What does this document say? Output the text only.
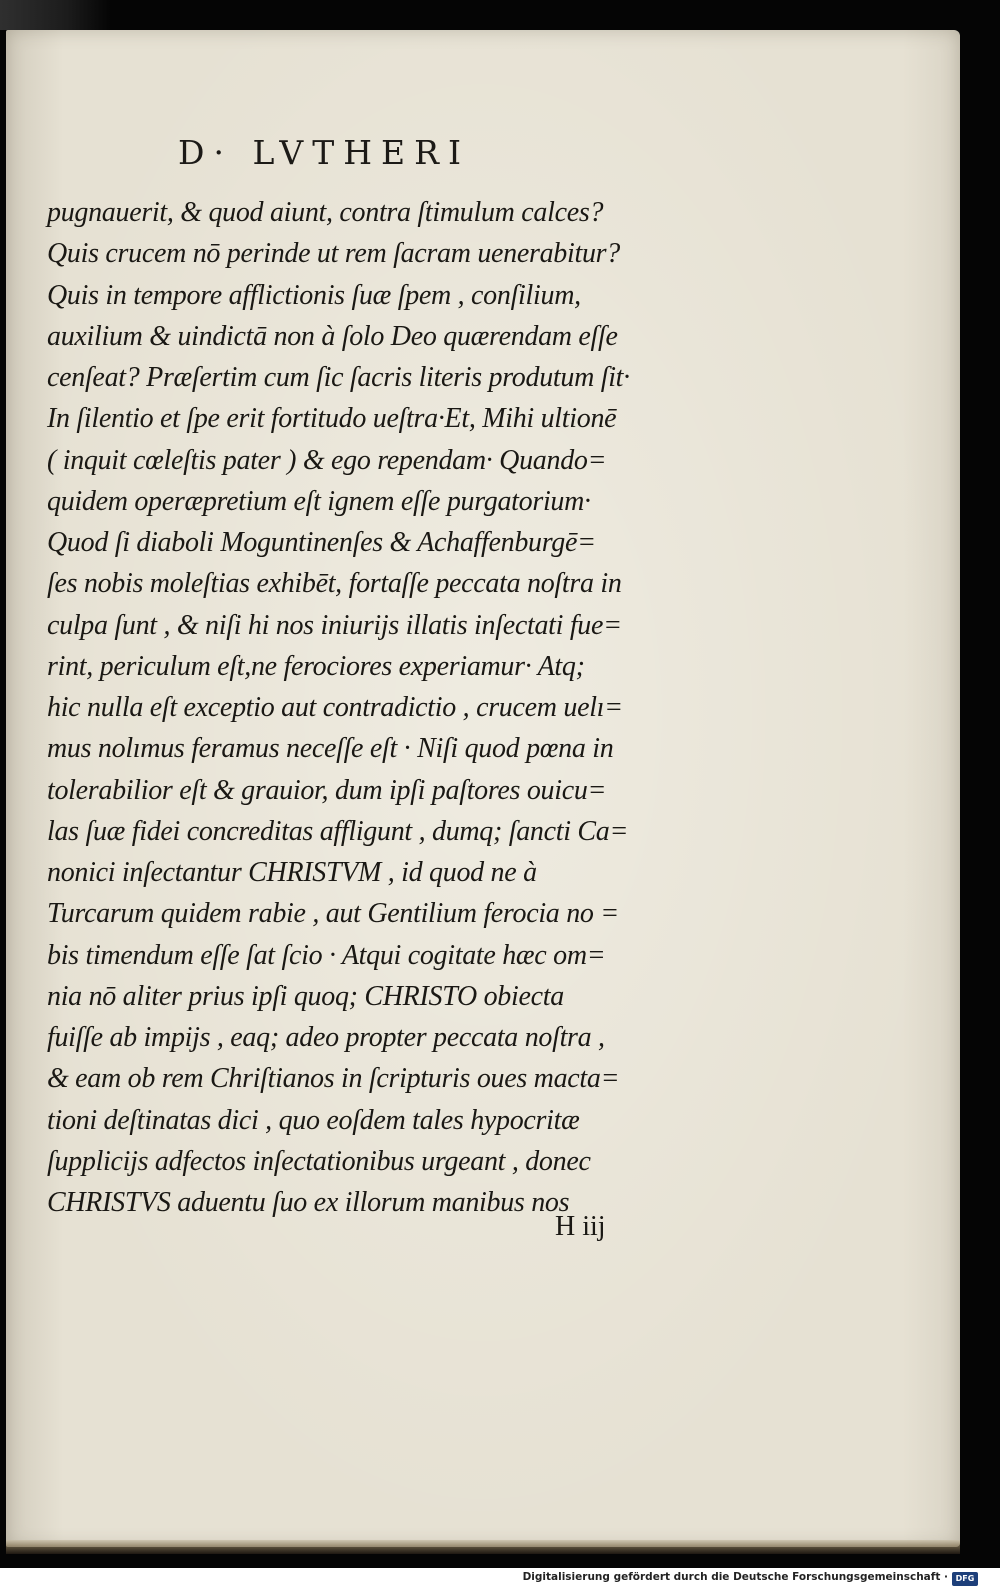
D· LVTHERI
pugnauerit, & quod aiunt, contra ſtimulum calces?
Quis crucem nō perinde ut rem ſacram uenerabitur?
Quis in tempore afflictionis ſuæ ſpem , conſilium,
auxilium & uindictā non à ſolo Deo quærendam eſſe
cenſeat? Præſertim cum ſic ſacris literis produtum ſit·
In ſilentio et ſpe erit fortitudo ueſtra·Et, Mihi ultionē
( inquit cœleſtis pater ) & ego rependam· Quando=
quidem operæpretium eſt ignem eſſe purgatorium·
Quod ſi diaboli Moguntinenſes & Achaffenburgē=
ſes nobis moleſtias exhibēt, fortaſſe peccata noſtra in
culpa ſunt , & niſi hi nos iniurijs illatis inſectati fue=
rint, periculum eſt,ne ferociores experiamur· Atq;
hic nulla eſt exceptio aut contradictio , crucem uelı=
mus nolımus feramus neceſſe eſt · Niſi quod pœna in
tolerabilior eſt & grauior, dum ipſi paſtores ouicu=
las ſuæ fidei concreditas affligunt , dumq; ſancti Ca=
nonici inſectantur CHRISTVM , id quod ne à
Turcarum quidem rabie , aut Gentilium ferocia no =
bis timendum eſſe ſat ſcio · Atqui cogitate hæc om=
nia nō aliter prius ipſi quoq; CHRISTO obiecta
fuiſſe ab impijs , eaq; adeo propter peccata noſtra ,
& eam ob rem Chriſtianos in ſcripturis oues macta=
tioni deſtinatas dici , quo eoſdem tales hypocritæ
ſupplicijs adfectos inſectationibus urgeant , donec
CHRISTVS aduentu ſuo ex illorum manibus nos
H iij
Digitalisierung gefördert durch die Deutsche Forschungsgemeinschaft · DFG
